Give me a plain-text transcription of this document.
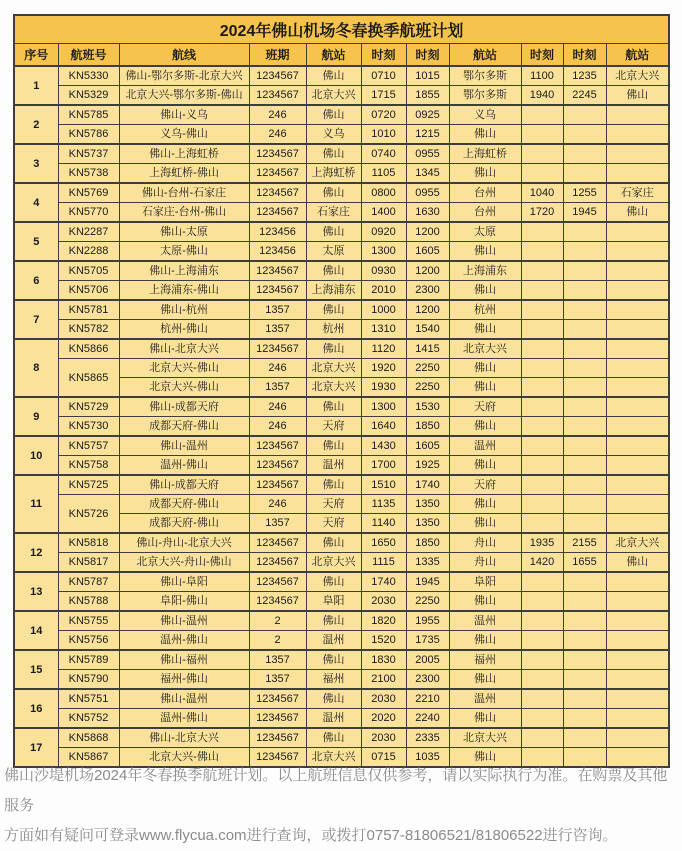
2024年佛山机场冬春换季航班计划										
序号	航班号	航线	班期	航站	时刻	时刻	航站	时刻	时刻	航站
1	KN5330	佛山-鄂尔多斯-北京大兴	1234567	佛山	0710	1015	鄂尔多斯	1100	1235	北京大兴
	KN5329	北京大兴-鄂尔多斯-佛山	1234567	北京大兴	1715	1855	鄂尔多斯	1940	2245	佛山
2	KN5785	佛山-义乌	246	佛山	0720	0925	义乌			
	KN5786	义乌-佛山	246	义乌	1010	1215	佛山			
3	KN5737	佛山-上海虹桥	1234567	佛山	0740	0955	上海虹桥			
	KN5738	上海虹桥-佛山	1234567	上海虹桥	1105	1345	佛山			
4	KN5769	佛山-台州-石家庄	1234567	佛山	0800	0955	台州	1040	1255	石家庄
	KN5770	石家庄-台州-佛山	1234567	石家庄	1400	1630	台州	1720	1945	佛山
5	KN2287	佛山-太原	123456	佛山	0920	1200	太原			
	KN2288	太原-佛山	123456	太原	1300	1605	佛山			
6	KN5705	佛山-上海浦东	1234567	佛山	0930	1200	上海浦东			
	KN5706	上海浦东-佛山	1234567	上海浦东	2010	2300	佛山			
7	KN5781	佛山-杭州	1357	佛山	1000	1200	杭州			
	KN5782	杭州-佛山	1357	杭州	1310	1540	佛山			
8	KN5866	佛山-北京大兴	1234567	佛山	1120	1415	北京大兴			
	KN5865	北京大兴-佛山	246	北京大兴	1920	2250	佛山			
		北京大兴-佛山	1357	北京大兴	1930	2250	佛山			
9	KN5729	佛山-成都天府	246	佛山	1300	1530	天府			
	KN5730	成都天府-佛山	246	天府	1640	1850	佛山			
10	KN5757	佛山-温州	1234567	佛山	1430	1605	温州			
	KN5758	温州-佛山	1234567	温州	1700	1925	佛山			
11	KN5725	佛山-成都天府	1234567	佛山	1510	1740	天府			
	KN5726	成都天府-佛山	246	天府	1135	1350	佛山			
		成都天府-佛山	1357	天府	1140	1350	佛山			
12	KN5818	佛山-舟山-北京大兴	1234567	佛山	1650	1850	舟山	1935	2155	北京大兴
	KN5817	北京大兴-舟山-佛山	1234567	北京大兴	1115	1335	舟山	1420	1655	佛山
13	KN5787	佛山-阜阳	1234567	佛山	1740	1945	阜阳			
	KN5788	阜阳-佛山	1234567	阜阳	2030	2250	佛山			
14	KN5755	佛山-温州	2	佛山	1820	1955	温州			
	KN5756	温州-佛山	2	温州	1520	1735	佛山			
15	KN5789	佛山-福州	1357	佛山	1830	2005	福州			
	KN5790	福州-佛山	1357	福州	2100	2300	佛山			
16	KN5751	佛山-温州	1234567	佛山	2030	2210	温州			
	KN5752	温州-佛山	1234567	温州	2020	2240	佛山			
17	KN5868	佛山-北京大兴	1234567	佛山	2030	2335	北京大兴			
	KN5867	北京大兴-佛山	1234567	北京大兴	0715	1035	佛山			
佛山沙堤机场2024年冬春换季航班计划。以上航班信息仅供参考，请以实际执行为准。在购票及其他服务
方面如有疑问可登录www.flycua.com进行查询，或拨打0757-81806521/81806522进行咨询。
